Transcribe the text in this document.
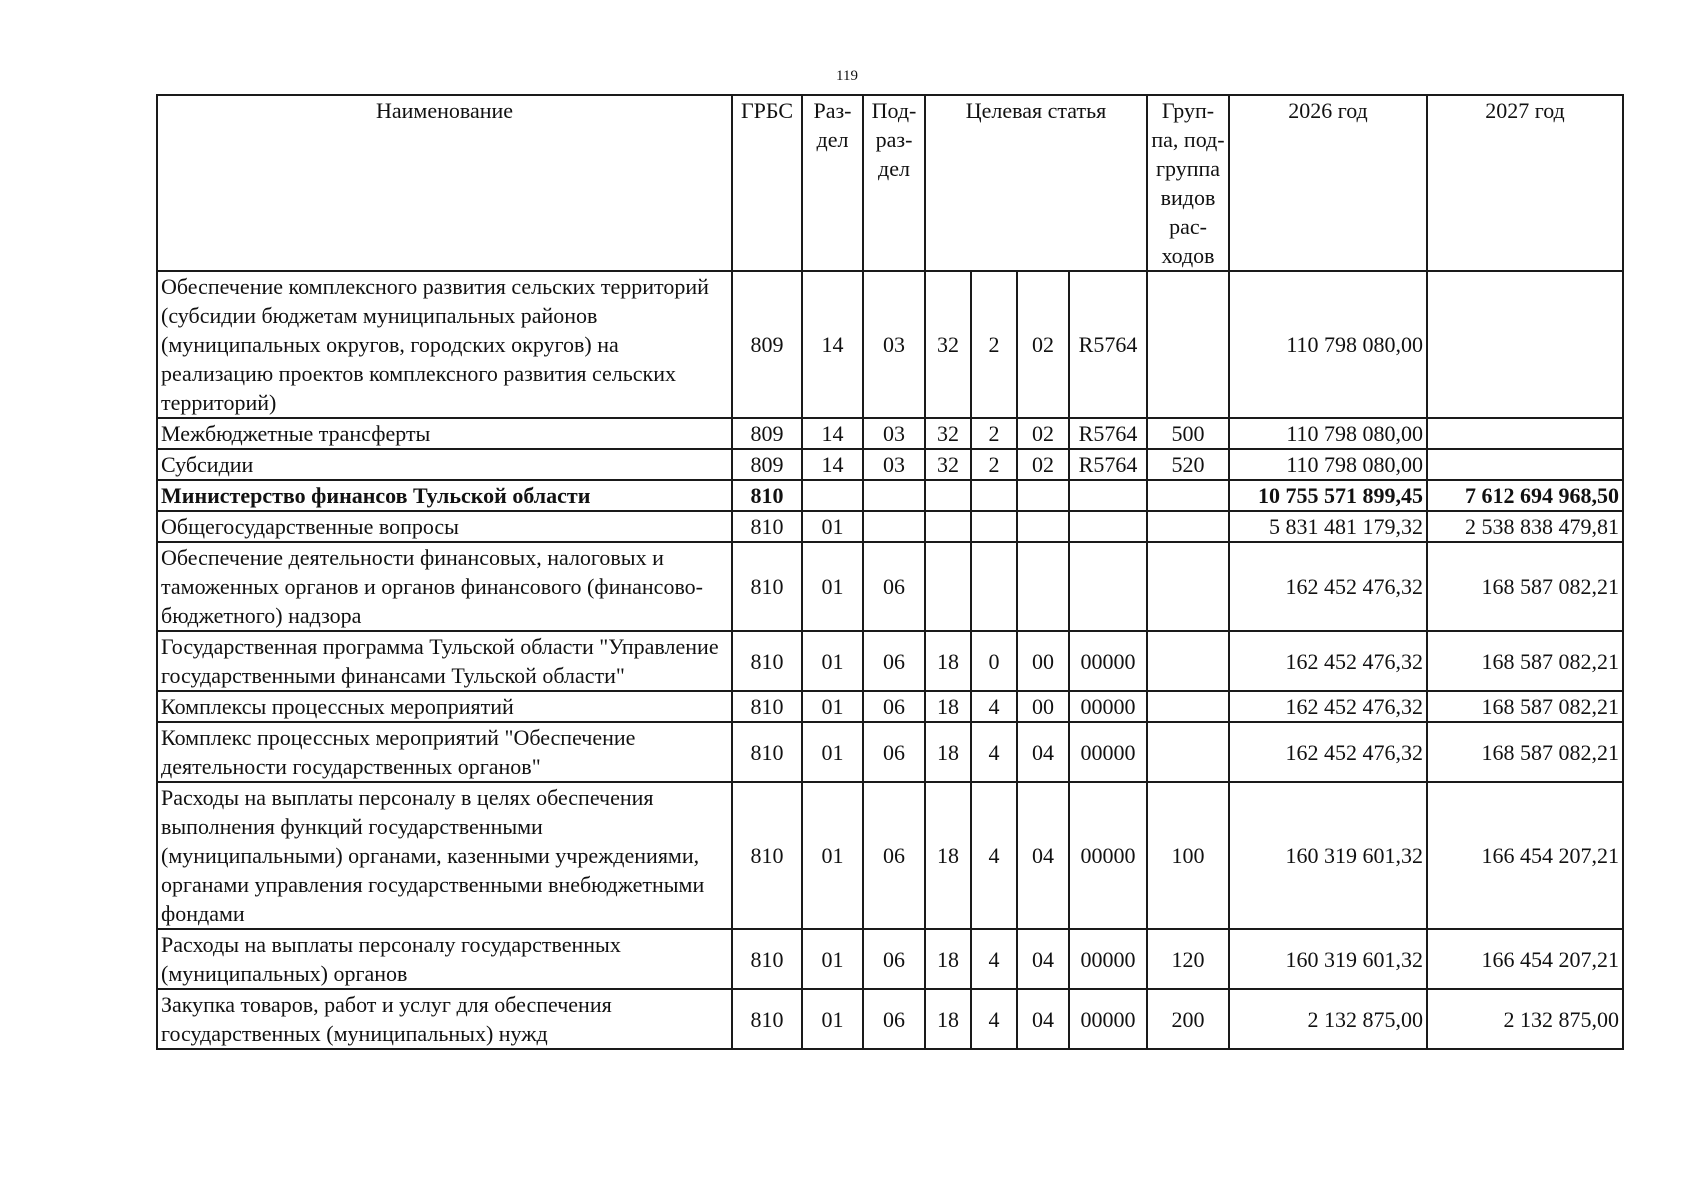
119
Наименование	ГРБС	Раз-дел	Под-раз-дел	Целевая статья				Груп-па, под-группа видов рас-ходов	2026 год	2027 год
Обеспечение комплексного развития сельских территорий (субсидии бюджетам муниципальных районов (муниципальных округов, городских округов) на реализацию проектов комплексного развития сельских территорий)	809	14	03	32	2	02	R5764		110 798 080,00	
Межбюджетные трансферты	809	14	03	32	2	02	R5764	500	110 798 080,00	
Субсидии	809	14	03	32	2	02	R5764	520	110 798 080,00	
Министерство финансов Тульской области	810								10 755 571 899,45	7 612 694 968,50
Общегосударственные вопросы	810	01							5 831 481 179,32	2 538 838 479,81
Обеспечение деятельности финансовых, налоговых и таможенных органов и органов финансового (финансово-бюджетного) надзора	810	01	06						162 452 476,32	168 587 082,21
Государственная программа Тульской области "Управление государственными финансами Тульской области"	810	01	06	18	0	00	00000		162 452 476,32	168 587 082,21
Комплексы процессных мероприятий	810	01	06	18	4	00	00000		162 452 476,32	168 587 082,21
Комплекс процессных мероприятий "Обеспечение деятельности государственных органов"	810	01	06	18	4	04	00000		162 452 476,32	168 587 082,21
Расходы на выплаты персоналу в целях обеспечения выполнения функций государственными (муниципальными) органами, казенными учреждениями, органами управления государственными внебюджетными фондами	810	01	06	18	4	04	00000	100	160 319 601,32	166 454 207,21
Расходы на выплаты персоналу государственных (муниципальных) органов	810	01	06	18	4	04	00000	120	160 319 601,32	166 454 207,21
Закупка товаров, работ и услуг для обеспечения государственных (муниципальных) нужд	810	01	06	18	4	04	00000	200	2 132 875,00	2 132 875,00
